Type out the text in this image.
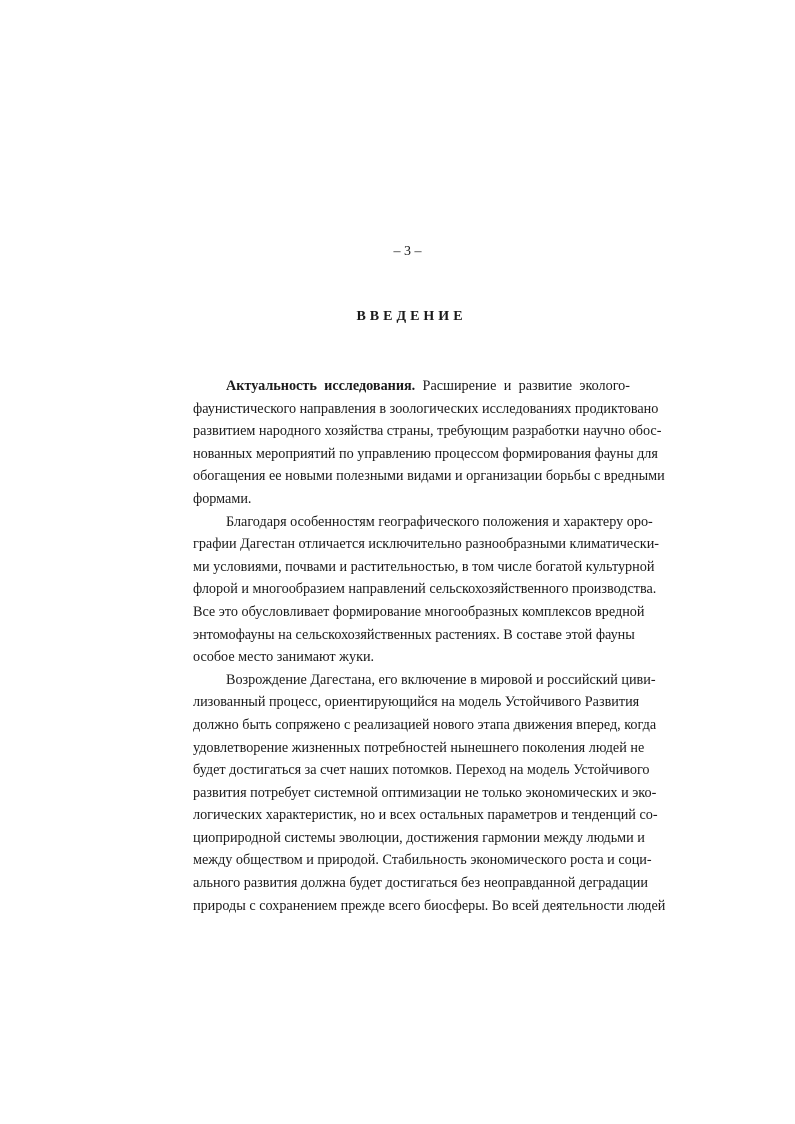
– 3 –
ВВЕДЕНИЕ
Актуальность исследования. Расширение и развитие эколого-
фаунистического направления в зоологических исследованиях продиктовано
развитием народного хозяйства страны, требующим разработки научно обос-
нованных мероприятий по управлению процессом формирования фауны для
обогащения ее новыми полезными видами и организации борьбы с вредными
формами.
Благодаря особенностям географического положения и характеру оро-
графии Дагестан отличается исключительно разнообразными климатически-
ми условиями, почвами и растительностью, в том числе богатой культурной
флорой и многообразием направлений сельскохозяйственного производства.
Все это обусловливает формирование многообразных комплексов вредной
энтомофауны на сельскохозяйственных растениях. В составе этой фауны
особое место занимают жуки.
Возрождение Дагестана, его включение в мировой и российский циви-
лизованный процесс, ориентирующийся на модель Устойчивого Развития
должно быть сопряжено с реализацией нового этапа движения вперед, когда
удовлетворение жизненных потребностей нынешнего поколения людей не
будет достигаться за счет наших потомков. Переход на модель Устойчивого
развития потребует системной оптимизации не только экономических и эко-
логических характеристик, но и всех остальных параметров и тенденций со-
циоприродной системы эволюции, достижения гармонии между людьми и
между обществом и природой. Стабильность экономического роста и соци-
ального развития должна будет достигаться без неоправданной деградации
природы с сохранением прежде всего биосферы. Во всей деятельности людей
